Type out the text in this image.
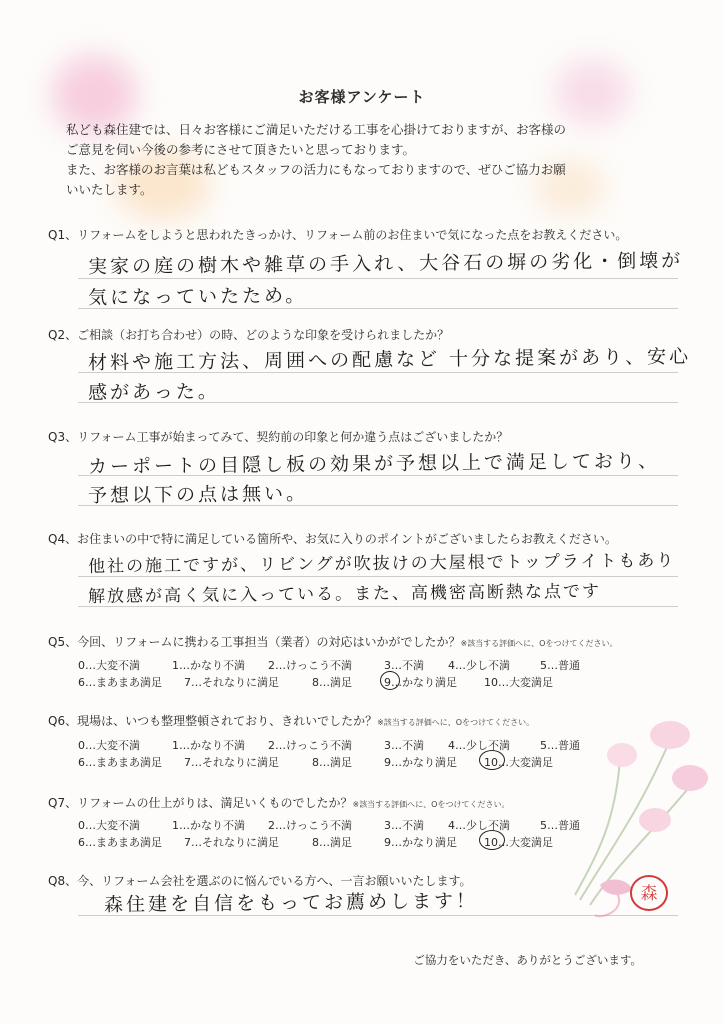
お客様アンケート
私ども森住建では、日々お客様にご満足いただける工事を心掛けておりますが、お客様の
ご意見を伺い今後の参考にさせて頂きたいと思っております。
また、お客様のお言葉は私どもスタッフの活力にもなっておりますので、ぜひご協力お願
いいたします。
Q1、リフォームをしようと思われたきっかけ、リフォーム前のお住まいで気になった点をお教えください。
実家の庭の樹木や雑草の手入れ、大谷石の塀の劣化・倒壊が
気になっていたため。
Q2、ご相談（お打ち合わせ）の時、どのような印象を受けられましたか？
材料や施工方法、周囲への配慮など 十分な提案があり、安心
感があった。
Q3、リフォーム工事が始まってみて、契約前の印象と何か違う点はございましたか？
カーポートの目隠し板の効果が予想以上で満足しており、
予想以下の点は無い。
Q4、お住まいの中で特に満足している箇所や、お気に入りのポイントがございましたらお教えください。
他社の施工ですが、リビングが吹抜けの大屋根でトップライトもあり
解放感が高く気に入っている。また、高機密高断熱な点です
Q5、今回、リフォームに携わる工事担当（業者）の対応はいかがでしたか？※該当する評価へに、Oをつけてください。
0…大変不満	1…かなり不満 2…けっこう不満	3…不満 4…少し不満	5…普通
6…まあまあ満足 7…それなりに満足	8…満足	9…かなり満足 10…大変満足
Q6、現場は、いつも整理整頓されており、きれいでしたか？※該当する評価へに、Oをつけてください。
0…大変不満	1…かなり不満 2…けっこう不満	3…不満 4…少し不満	5…普通
6…まあまあ満足 7…それなりに満足	8…満足	9…かなり満足 10…大変満足
Q7、リフォームの仕上がりは、満足いくものでしたか？※該当する評価へに、Oをつけてください。
0…大変不満	1…かなり不満 2…けっこう不満	3…不満 4…少し不満	5…普通
6…まあまあ満足 7…それなりに満足	8…満足	9…かなり満足 10…大変満足
Q8、今、リフォーム会社を選ぶのに悩んでいる方へ、一言お願いいたします。
森住建を自信をもってお薦めします！	森
ご協力をいただき、ありがとうございます。
